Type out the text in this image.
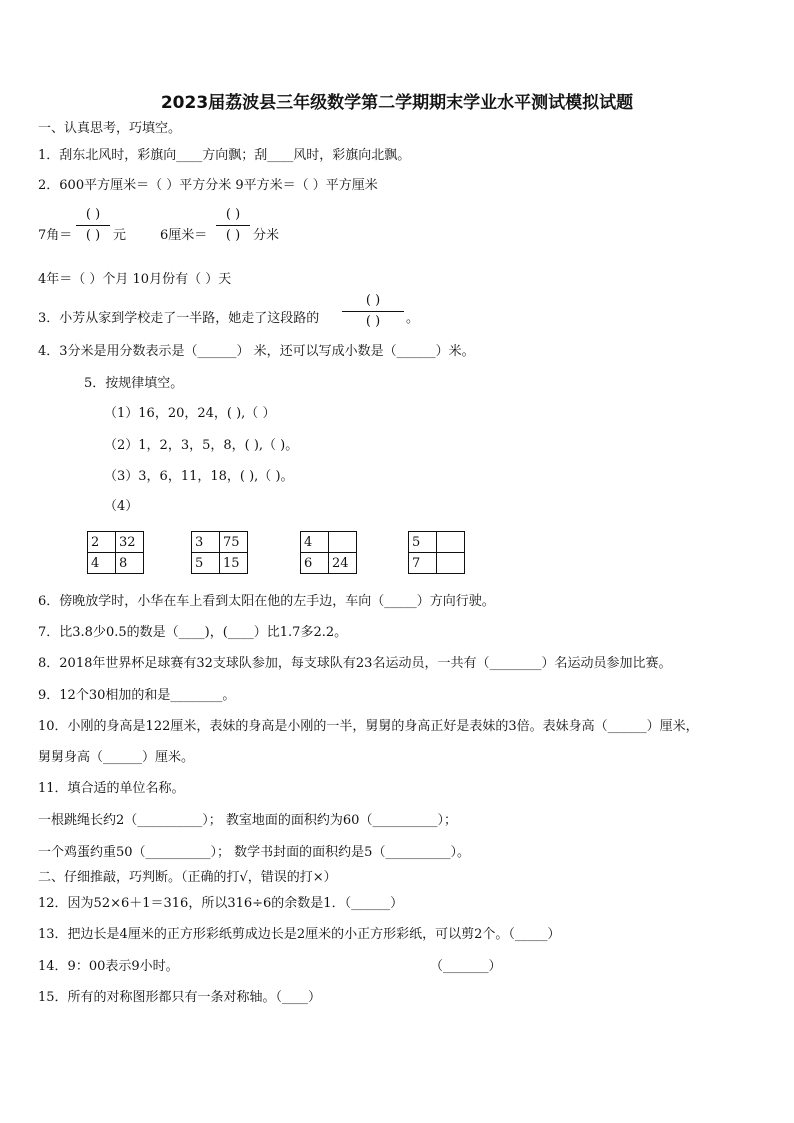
2023届荔波县三年级数学第二学期期末学业水平测试模拟试题
一、认真思考，巧填空。
1．刮东北风时，彩旗向____方向飘；刮____风时，彩旗向北飘。
2．600平方厘米＝（ ）平方分米 9平方米＝（ ）平方厘米
7角＝
( )
( ) 元	6厘米＝
( )
( ) 分米
4年＝（ ）个月 10月份有（ ）天
3．小芳从家到学校走了一半路，她走了这段路的
( )
( ) 。
4．3分米是用分数表示是（______） 米，还可以写成小数是（______）米。
5．按规律填空。
（1）16，20，24，( ),（ ）
（2）1，2，3，5，8，( ),（ )。
（3）3，6，11，18，( ),（ )。
（4）
2	32
4	8
3	75
5	15
4	
6	24
5	
7	
6．傍晚放学时，小华在车上看到太阳在他的左手边，车向（_____）方向行驶。
7．比3.8少0.5的数是（____)，(____）比1.7多2.2。
8．2018年世界杯足球赛有32支球队参加，每支球队有23名运动员，一共有（________）名运动员参加比赛。
9．12个30相加的和是________。
10．小刚的身高是122厘米，表妹的身高是小刚的一半，舅舅的身高正好是表妹的3倍。表妹身高（______）厘米，
舅舅身高（______）厘米。
11．填合适的单位名称。
一根跳绳长约2（__________）； 教室地面的面积约为60（__________）；
一个鸡蛋约重50（__________）； 数学书封面的面积约是5（__________）。
二、仔细推敲，巧判断。（正确的打√，错误的打×）
12．因为52×6＋1＝316，所以316÷6的余数是1．（______）
13．把边长是4厘米的正方形彩纸剪成边长是2厘米的小正方形彩纸，可以剪2个。（_____）
14．9：00表示9小时。	（_______）
15．所有的对称图形都只有一条对称轴。（____）
